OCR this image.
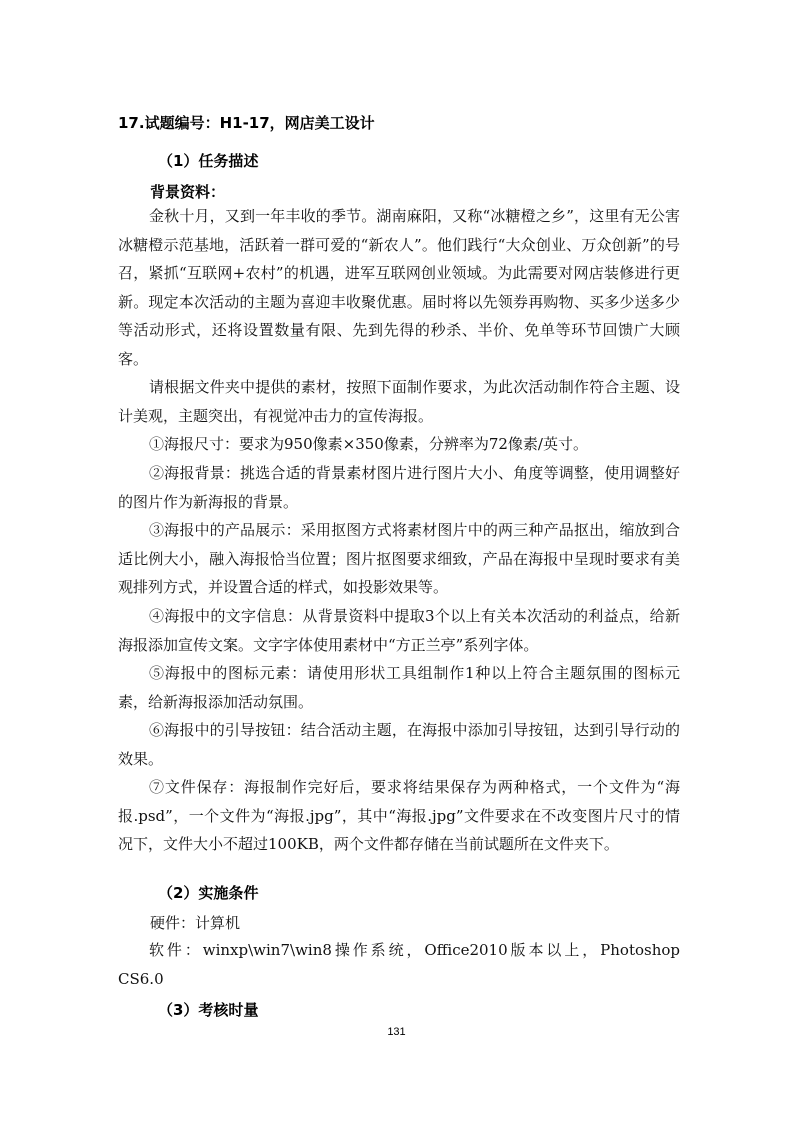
17.试题编号：H1-17，网店美工设计
（1）任务描述
背景资料：

金秋十月，又到一年丰收的季节。湖南麻阳，又称“冰糖橙之乡”，这里有无公害冰糖橙示范基地，活跃着一群可爱的“新农人”。他们践行“大众创业、万众创新”的号召，紧抓“互联网+农村”的机遇，进军互联网创业领域。为此需要对网店装修进行更新。现定本次活动的主题为喜迎丰收聚优惠。届时将以先领券再购物、买多少送多少等活动形式，还将设置数量有限、先到先得的秒杀、半价、免单等环节回馈广大顾客。

请根据文件夹中提供的素材，按照下面制作要求，为此次活动制作符合主题、设计美观，主题突出，有视觉冲击力的宣传海报。

①海报尺寸：要求为950像素×350像素，分辨率为72像素/英寸。

②海报背景：挑选合适的背景素材图片进行图片大小、角度等调整，使用调整好的图片作为新海报的背景。

③海报中的产品展示：采用抠图方式将素材图片中的两三种产品抠出，缩放到合适比例大小，融入海报恰当位置；图片抠图要求细致，产品在海报中呈现时要求有美观排列方式，并设置合适的样式，如投影效果等。

④海报中的文字信息：从背景资料中提取3个以上有关本次活动的利益点，给新海报添加宣传文案。文字字体使用素材中“方正兰亭”系列字体。

⑤海报中的图标元素：请使用形状工具组制作1种以上符合主题氛围的图标元素，给新海报添加活动氛围。

⑥海报中的引导按钮：结合活动主题，在海报中添加引导按钮，达到引导行动的效果。

⑦文件保存：海报制作完好后，要求将结果保存为两种格式，一个文件为“海报.psd”，一个文件为“海报.jpg”，其中“海报.jpg”文件要求在不改变图片尺寸的情况下，文件大小不超过100KB，两个文件都存储在当前试题所在文件夹下。

（2）实施条件
硬件：计算机

软件：winxp\win7\win8操作系统，Office2010版本以上，Photoshop CS6.0

（3）考核时量
131
